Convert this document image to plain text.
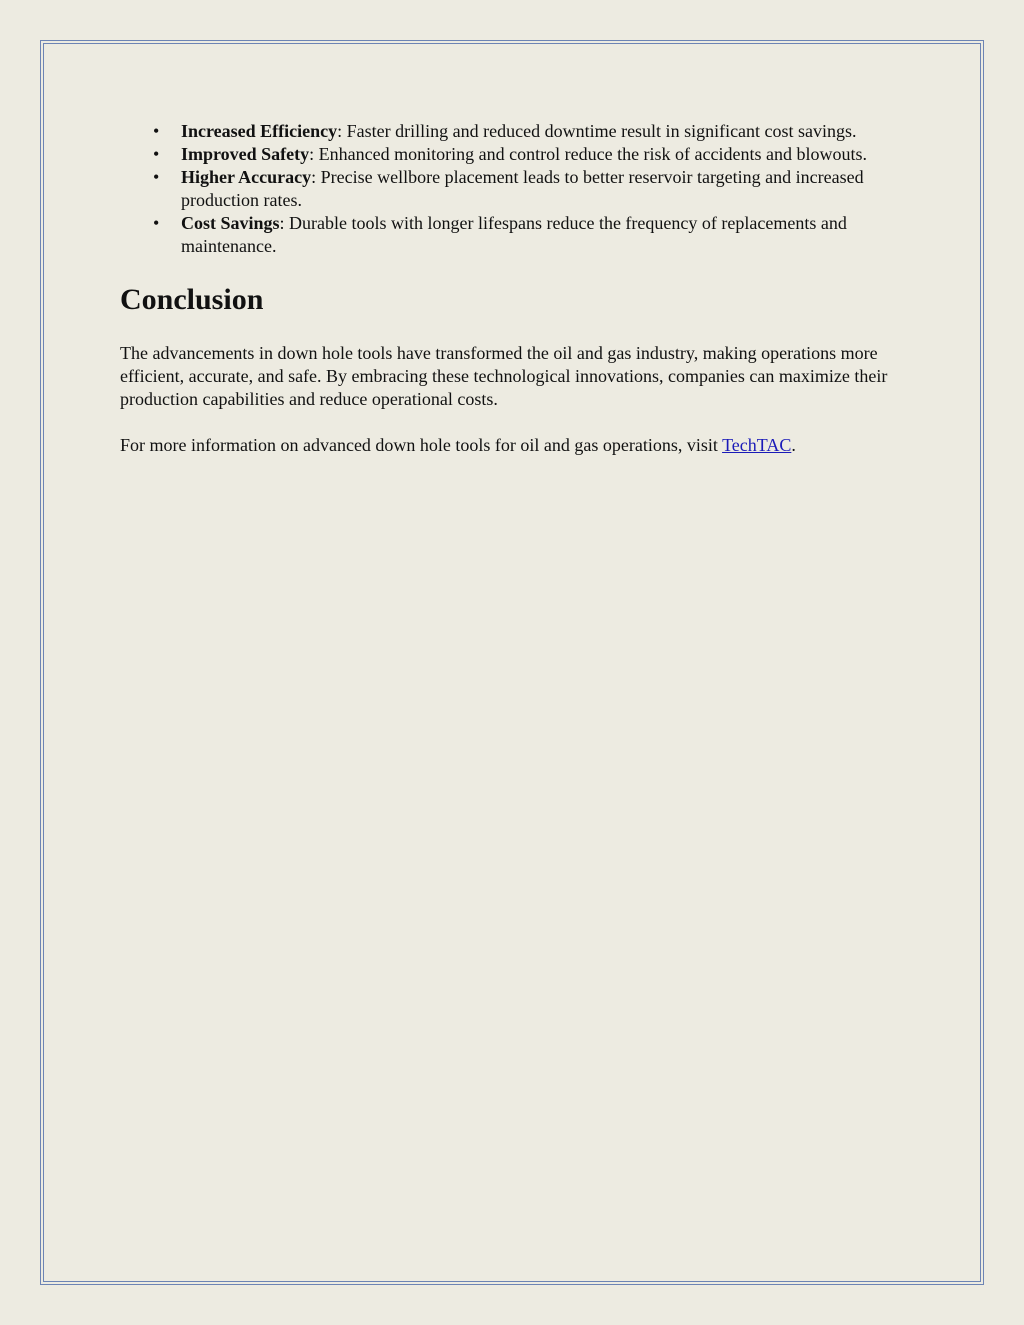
• Increased Efficiency: Faster drilling and reduced downtime result in significant cost savings.
• Improved Safety: Enhanced monitoring and control reduce the risk of accidents and blowouts.
• Higher Accuracy: Precise wellbore placement leads to better reservoir targeting and increased production rates.
• Cost Savings: Durable tools with longer lifespans reduce the frequency of replacements and maintenance.
Conclusion

The advancements in down hole tools have transformed the oil and gas industry, making operations more efficient, accurate, and safe. By embracing these technological innovations, companies can maximize their production capabilities and reduce operational costs.

For more information on advanced down hole tools for oil and gas operations, visit TechTAC.
